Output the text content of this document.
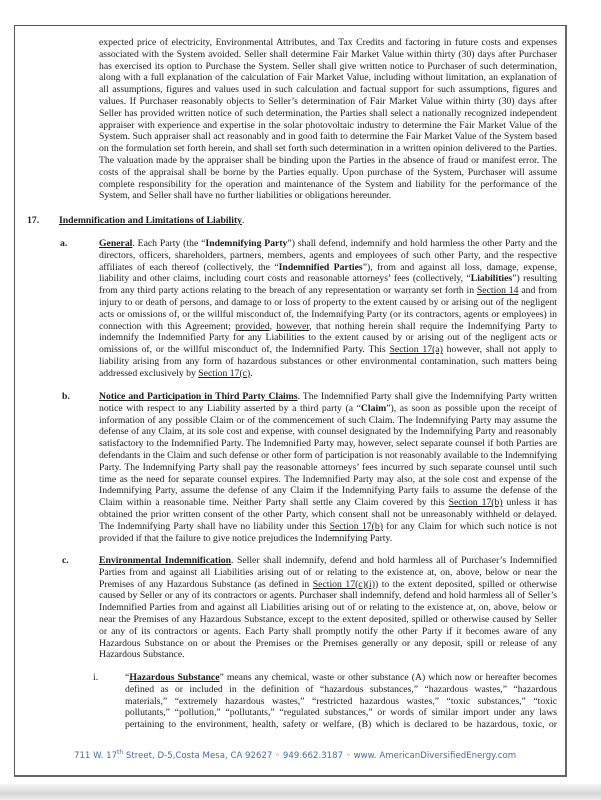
expected price of electricity, Environmental Attributes, and Tax Credits and factoring in future costs and expenses
associated with the System avoided. Seller shall determine Fair Market Value within thirty (30) days after Purchaser
has exercised its option to Purchase the System. Seller shall give written notice to Purchaser of such determination,
along with a full explanation of the calculation of Fair Market Value, including without limitation, an explanation of
all assumptions, figures and values used in such calculation and factual support for such assumptions, figures and
values. If Purchaser reasonably objects to Seller’s determination of Fair Market Value within thirty (30) days after
Seller has provided written notice of such determination, the Parties shall select a nationally recognized independent
appraiser with experience and expertise in the solar photovoltaic industry to determine the Fair Market Value of the
System. Such appraiser shall act reasonably and in good faith to determine the Fair Market Value of the System based
on the formulation set forth herein, and shall set forth such determination in a written opinion delivered to the Parties.
The valuation made by the appraiser shall be binding upon the Parties in the absence of fraud or manifest error. The
costs of the appraisal shall be borne by the Parties equally. Upon purchase of the System, Purchaser will assume
complete responsibility for the operation and maintenance of the System and liability for the performance of the
System, and Seller shall have no further liabilities or obligations hereunder.
17. Indemnification and Limitations of Liability.
a.	General. Each Party (the “Indemnifying Party”) shall defend, indemnify and hold harmless the other Party and the
directors, officers, shareholders, partners, members, agents and employees of such other Party, and the respective
affiliates of each thereof (collectively, the “Indemnified Parties”), from and against all loss, damage, expense,
liability and other claims, including court costs and reasonable attorneys’ fees (collectively, “Liabilities”) resulting
from any third party actions relating to the breach of any representation or warranty set forth in Section 14 and from
injury to or death of persons, and damage to or loss of property to the extent caused by or arising out of the negligent
acts or omissions of, or the willful misconduct of, the Indemnifying Party (or its contractors, agents or employees) in
connection with this Agreement; provided, however, that nothing herein shall require the Indemnifying Party to
indemnify the Indemnified Party for any Liabilities to the extent caused by or arising out of the negligent acts or
omissions of, or the willful misconduct of, the Indemnified Party. This Section 17(a) however, shall not apply to
liability arising from any form of hazardous substances or other environmental contamination, such matters being
addressed exclusively by Section 17(c).
b.	Notice and Participation in Third Party Claims. The Indemnified Party shall give the Indemnifying Party written
notice with respect to any Liability asserted by a third party (a “Claim”), as soon as possible upon the receipt of
information of any possible Claim or of the commencement of such Claim. The Indemnifying Party may assume the
defense of any Claim, at its sole cost and expense, with counsel designated by the Indemnifying Party and reasonably
satisfactory to the Indemnified Party. The Indemnified Party may, however, select separate counsel if both Parties are
defendants in the Claim and such defense or other form of participation is not reasonably available to the Indemnifying
Party. The Indemnifying Party shall pay the reasonable attorneys’ fees incurred by such separate counsel until such
time as the need for separate counsel expires. The Indemnified Party may also, at the sole cost and expense of the
Indemnifying Party, assume the defense of any Claim if the Indemnifying Party fails to assume the defense of the
Claim within a reasonable time. Neither Party shall settle any Claim covered by this Section 17(b) unless it has
obtained the prior written consent of the other Party, which consent shall not be unreasonably withheld or delayed.
The Indemnifying Party shall have no liability under this Section 17(b) for any Claim for which such notice is not
provided if that the failure to give notice prejudices the Indemnifying Party.
c.	Environmental Indemnification. Seller shall indemnify, defend and hold harmless all of Purchaser’s Indemnified
Parties from and against all Liabilities arising out of or relating to the existence at, on, above, below or near the
Premises of any Hazardous Substance (as defined in Section 17(c)(i)) to the extent deposited, spilled or otherwise
caused by Seller or any of its contractors or agents. Purchaser shall indemnify, defend and hold harmless all of Seller’s
Indemnified Parties from and against all Liabilities arising out of or relating to the existence at, on, above, below or
near the Premises of any Hazardous Substance, except to the extent deposited, spilled or otherwise caused by Seller
or any of its contractors or agents. Each Party shall promptly notify the other Party if it becomes aware of any
Hazardous Substance on or about the Premises or the Premises generally or any deposit, spill or release of any
Hazardous Substance.
i.	“Hazardous Substance” means any chemical, waste or other substance (A) which now or hereafter becomes
defined as or included in the definition of “hazardous substances,” “hazardous wastes,” “hazardous
materials,” “extremely hazardous wastes,” “restricted hazardous wastes,” “toxic substances,” “toxic
pollutants,” “pollution,” “pollutants,” “regulated substances,” or words of similar import under any laws
pertaining to the environment, health, safety or welfare, (B) which is declared to be hazardous, toxic, or
711 W. 17th Street, D-5,Costa Mesa, CA 92627 ◦ 949.662.3187 ◦ www. AmericanDiversifiedEnergy.com
